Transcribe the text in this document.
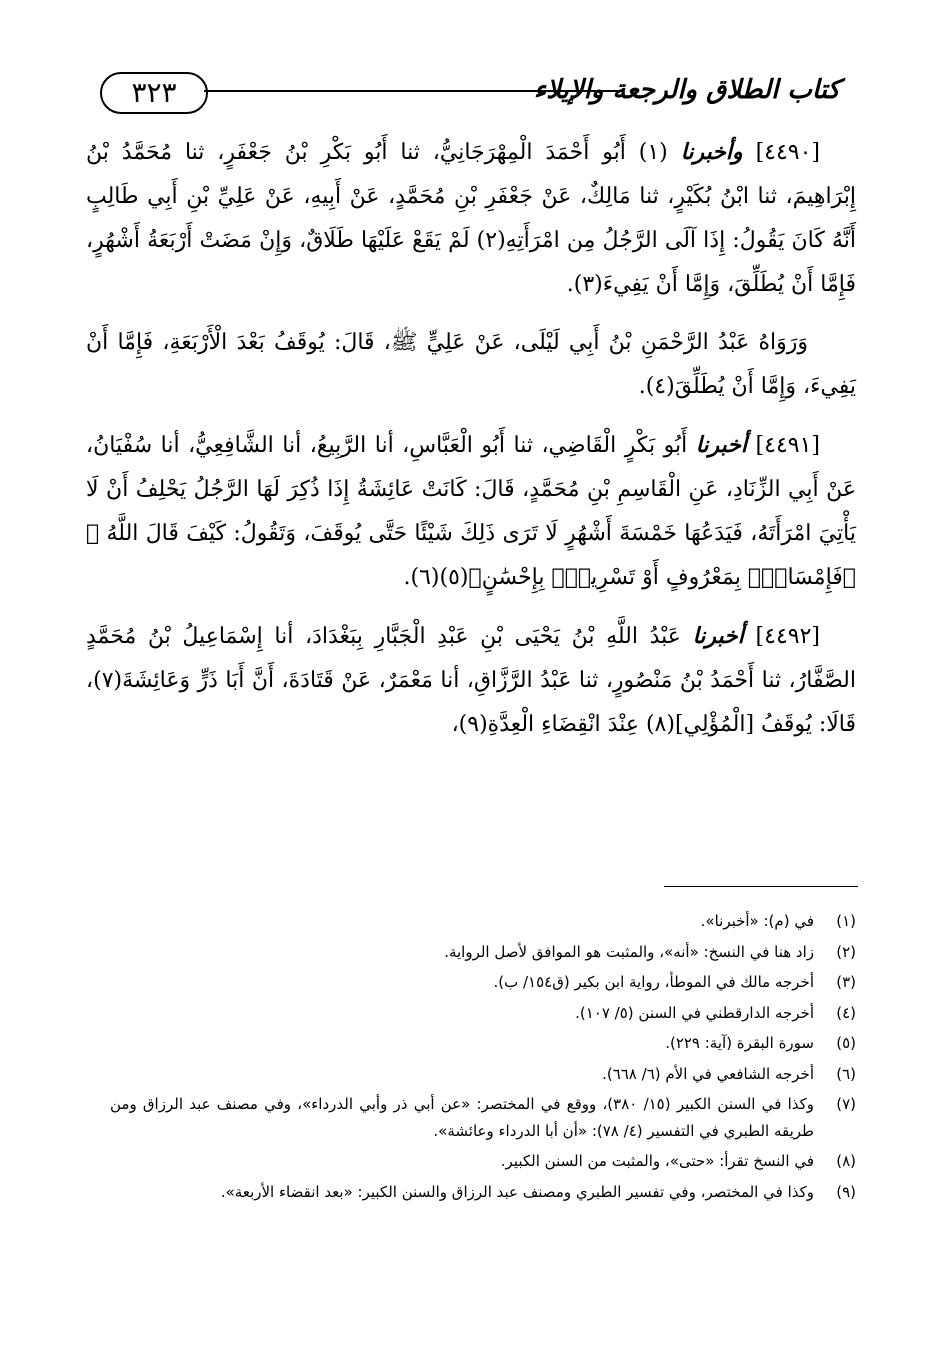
كتاب الطلاق والرجعة والإيلاء
٣٢٣

[٤٤٩٠] وأخبرنا (١) أَبُو أَحْمَدَ الْمِهْرَجَانِيُّ، ثنا أَبُو بَكْرِ بْنُ جَعْفَرٍ، ثنا مُحَمَّدُ بْنُ إِبْرَاهِيمَ، ثنا ابْنُ بُكَيْرٍ، ثنا مَالِكٌ، عَنْ جَعْفَرِ بْنِ مُحَمَّدٍ، عَنْ أَبِيهِ، عَنْ عَلِيِّ بْنِ أَبِي طَالِبٍ أَنَّهُ كَانَ يَقُولُ: إِذَا آلَى الرَّجُلُ مِن امْرَأَتِهِ(٢) لَمْ يَقَعْ عَلَيْهَا طَلَاقٌ، وَإِنْ مَضَتْ أَرْبَعَةُ أَشْهُرٍ، فَإِمَّا أَنْ يُطَلِّقَ، وَإِمَّا أَنْ يَفِيءَ(٣).

وَرَوَاهُ عَبْدُ الرَّحْمَنِ بْنُ أَبِي لَيْلَى، عَنْ عَلِيٍّ ﷺ، قَالَ: يُوقَفُ بَعْدَ الْأَرْبَعَةِ، فَإِمَّا أَنْ يَفِيءَ، وَإِمَّا أَنْ يُطَلِّقَ(٤).

[٤٤٩١] أخبرنا أَبُو بَكْرٍ الْقَاضِي، ثنا أَبُو الْعَبَّاسِ، أنا الرَّبِيعُ، أنا الشَّافِعِيُّ، أنا سُفْيَانُ، عَنْ أَبِي الزِّنَادِ، عَنِ الْقَاسِمِ بْنِ مُحَمَّدٍ، قَالَ: كَانَتْ عَائِشَةُ إِذَا ذُكِرَ لَهَا الرَّجُلُ يَحْلِفُ أَنْ لَا يَأْتِيَ امْرَأَتَهُ، فَيَدَعُهَا خَمْسَةَ أَشْهُرٍ لَا تَرَى ذَلِكَ شَيْئًا حَتَّى يُوقَفَ، وَتَقُولُ: كَيْفَ قَالَ اللَّهُ ﷻ ﴿فَإِمْسَاكٌۢ بِمَعْرُوفٍ أَوْ تَسْرِيحٌۢ بِإِحْسَٰنٍ﴾(٥)(٦).

[٤٤٩٢] أخبرنا عَبْدُ اللَّهِ بْنُ يَحْيَى بْنِ عَبْدِ الْجَبَّارِ بِبَغْدَادَ، أنا إِسْمَاعِيلُ بْنُ مُحَمَّدٍ الصَّفَّارُ، ثنا أَحْمَدُ بْنُ مَنْصُورٍ، ثنا عَبْدُ الرَّزَّاقِ، أنا مَعْمَرٌ، عَنْ قَتَادَةَ، أَنَّ أَبَا ذَرٍّ وَعَائِشَةَ(٧)، قَالَا: يُوقَفُ [الْمُؤْلِي](٨) عِنْدَ انْقِضَاءِ الْعِدَّةِ(٩)،

(١)
في (م): «أخبرنا».
(٢)
زاد هنا في النسخ: «أنه»، والمثبت هو الموافق لأصل الرواية.
(٣)
أخرجه مالك في الموطأ، رواية ابن بكير (ق١٥٤/ ب).
(٤)
أخرجه الدارقطني في السنن (٥/ ١٠٧).
(٥)
سورة البقرة (آية: ٢٢٩).
(٦)
أخرجه الشافعي في الأم (٦/ ٦٦٨).
(٧)
وكذا في السنن الكبير (١٥/ ٣٨٠)، ووقع في المختصر: «عن أبي ذر وأبي الدرداء»، وفي مصنف عبد الرزاق ومن طريقه الطبري في التفسير (٤/ ٧٨): «أن أبا الدرداء وعائشة».
(٨)
في النسخ تقرأ: «حتى»، والمثبت من السنن الكبير.
(٩)
وكذا في المختصر، وفي تفسير الطبري ومصنف عبد الرزاق والسنن الكبير: «بعد انقضاء الأربعة».
